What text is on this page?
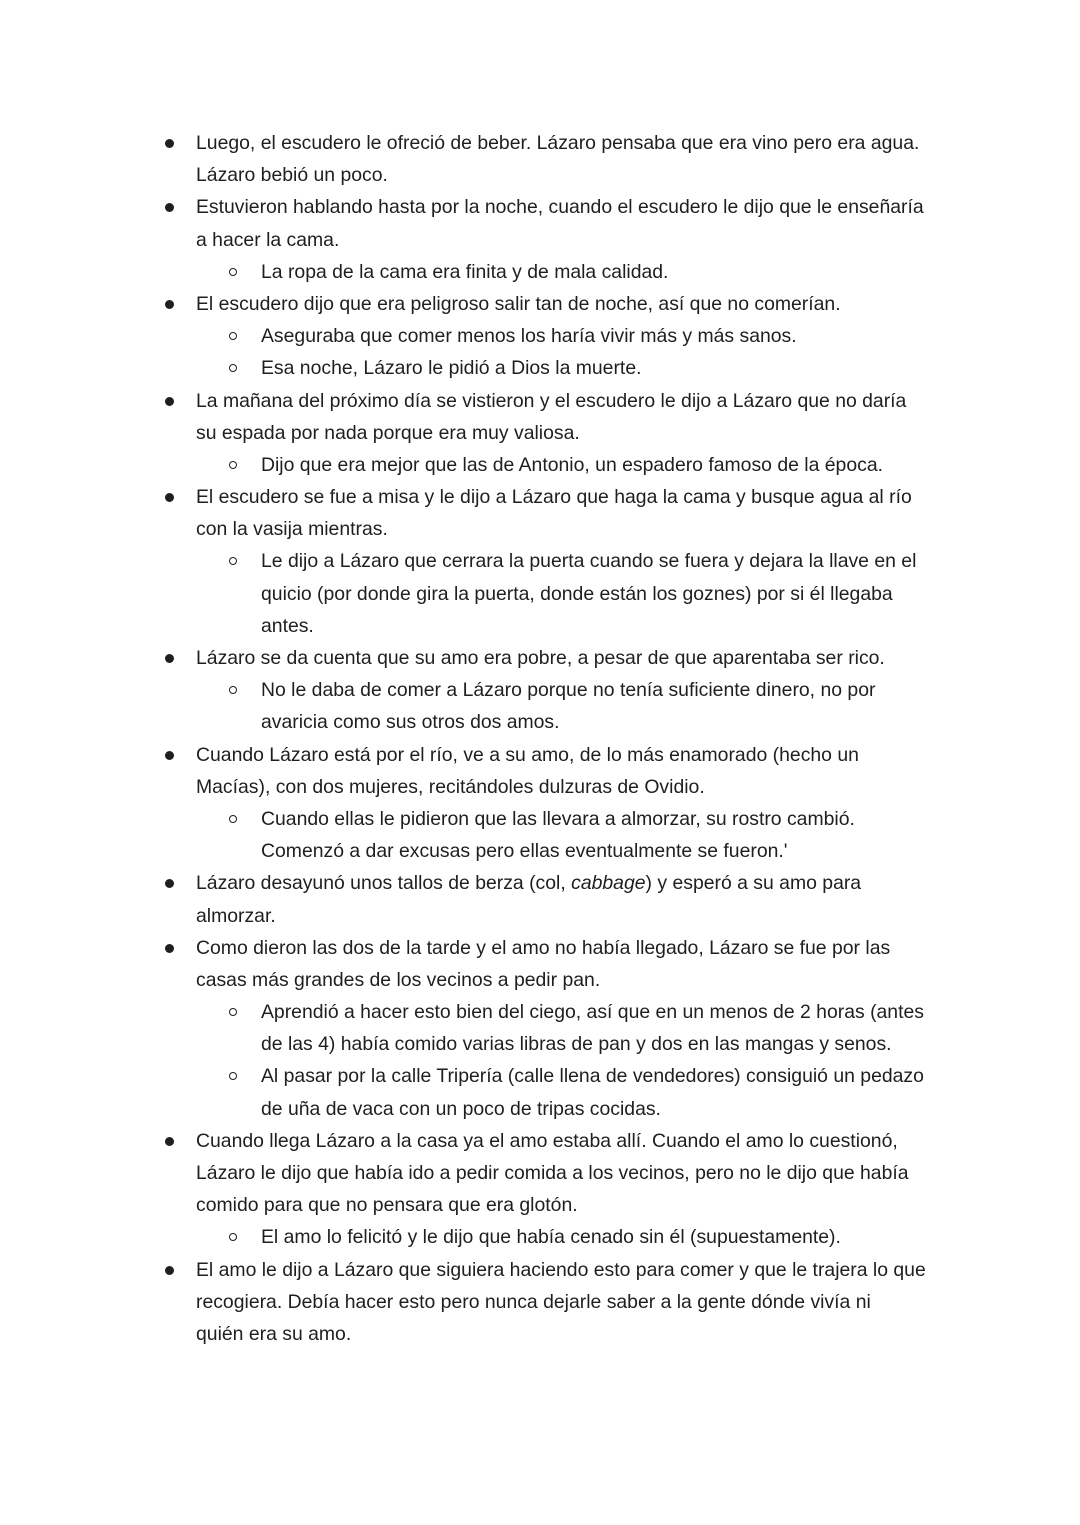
Luego, el escudero le ofreció de beber. Lázaro pensaba que era vino pero era agua.
Lázaro bebió un poco.
Estuvieron hablando hasta por la noche, cuando el escudero le dijo que le enseñaría
a hacer la cama.
La ropa de la cama era finita y de mala calidad.
El escudero dijo que era peligroso salir tan de noche, así que no comerían.
Aseguraba que comer menos los haría vivir más y más sanos.
Esa noche, Lázaro le pidió a Dios la muerte.
La mañana del próximo día se vistieron y el escudero le dijo a Lázaro que no daría
su espada por nada porque era muy valiosa.
Dijo que era mejor que las de Antonio, un espadero famoso de la época.
El escudero se fue a misa y le dijo a Lázaro que haga la cama y busque agua al río
con la vasija mientras.
Le dijo a Lázaro que cerrara la puerta cuando se fuera y dejara la llave en el
quicio (por donde gira la puerta, donde están los goznes) por si él llegaba
antes.
Lázaro se da cuenta que su amo era pobre, a pesar de que aparentaba ser rico.
No le daba de comer a Lázaro porque no tenía suficiente dinero, no por
avaricia como sus otros dos amos.
Cuando Lázaro está por el río, ve a su amo, de lo más enamorado (hecho un
Macías), con dos mujeres, recitándoles dulzuras de Ovidio.
Cuando ellas le pidieron que las llevara a almorzar, su rostro cambió.
Comenzó a dar excusas pero ellas eventualmente se fueron.'
Lázaro desayunó unos tallos de berza (col, cabbage) y esperó a su amo para
almorzar.
Como dieron las dos de la tarde y el amo no había llegado, Lázaro se fue por las
casas más grandes de los vecinos a pedir pan.
Aprendió a hacer esto bien del ciego, así que en un menos de 2 horas (antes
de las 4) había comido varias libras de pan y dos en las mangas y senos.
Al pasar por la calle Tripería (calle llena de vendedores) consiguió un pedazo
de uña de vaca con un poco de tripas cocidas.
Cuando llega Lázaro a la casa ya el amo estaba allí. Cuando el amo lo cuestionó,
Lázaro le dijo que había ido a pedir comida a los vecinos, pero no le dijo que había
comido para que no pensara que era glotón.
El amo lo felicitó y le dijo que había cenado sin él (supuestamente).
El amo le dijo a Lázaro que siguiera haciendo esto para comer y que le trajera lo que
recogiera. Debía hacer esto pero nunca dejarle saber a la gente dónde vivía ni
quién era su amo.
